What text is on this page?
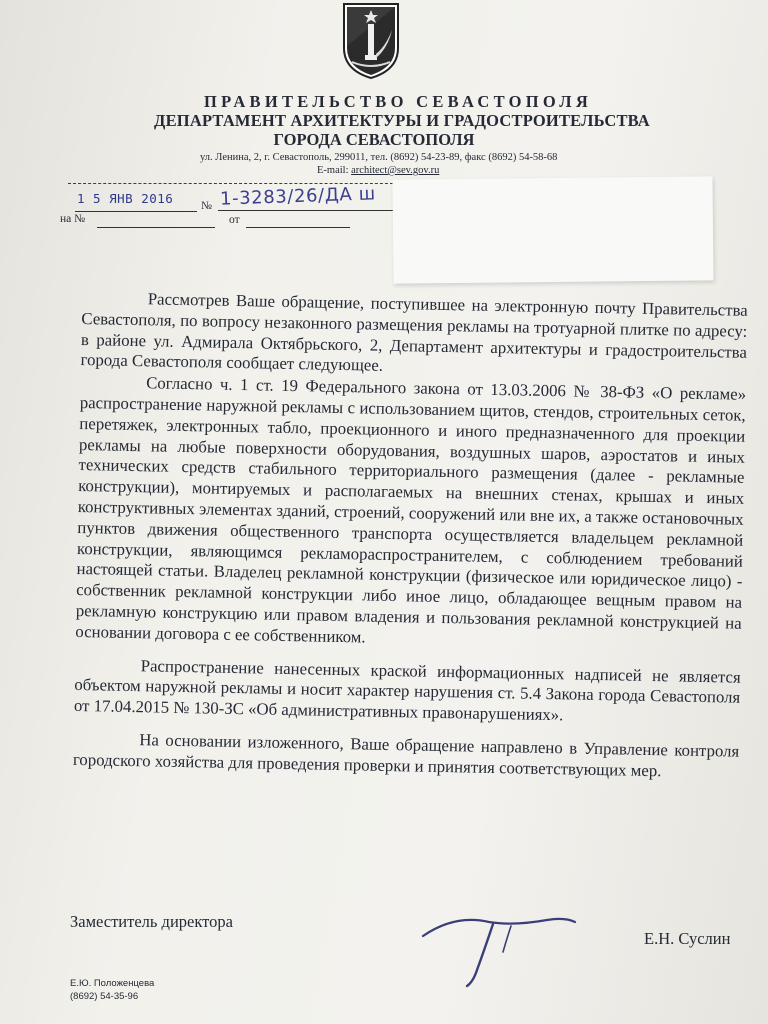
ПРАВИТЕЛЬСТВО СЕВАСТОПОЛЯ
ДЕПАРТАМЕНТ АРХИТЕКТУРЫ И ГРАДОСТРОИТЕЛЬСТВА
ГОРОДА СЕВАСТОПОЛЯ
ул. Ленина, 2, г. Севастополь, 299011, тел. (8692) 54-23-89, факс (8692) 54-58-68
E-mail: architect@sev.gov.ru
1 5 ЯНВ 2016 № 1-3283/26/ДА ш
на №	от

Рассмотрев Ваше обращение, поступившее на электронную почту Правительства Севастополя, по вопросу незаконного размещения рекламы на тротуарной плитке по адресу: в районе ул. Адмирала Октябрьского, 2, Департамент архитектуры и градостроительства города Севастополя сообщает следующее.

Согласно ч. 1 ст. 19 Федерального закона от 13.03.2006 № 38-ФЗ «О рекламе» распространение наружной рекламы с использованием щитов, стендов, строительных сеток, перетяжек, электронных табло, проекционного и иного предназначенного для проекции рекламы на любые поверхности оборудования, воздушных шаров, аэростатов и иных технических средств стабильного территориального размещения (далее - рекламные конструкции), монтируемых и располагаемых на внешних стенах, крышах и иных конструктивных элементах зданий, строений, сооружений или вне их, а также остановочных пунктов движения общественного транспорта осуществляется владельцем рекламной конструкции, являющимся рекламораспространителем, с соблюдением требований настоящей статьи. Владелец рекламной конструкции (физическое или юридическое лицо) - собственник рекламной конструкции либо иное лицо, обладающее вещным правом на рекламную конструкцию или правом владения и пользования рекламной конструкцией на основании договора с ее собственником.

Распространение нанесенных краской информационных надписей не является объектом наружной рекламы и носит характер нарушения ст. 5.4 Закона города Севастополя от 17.04.2015 № 130-ЗС «Об административных правонарушениях».

На основании изложенного, Ваше обращение направлено в Управление контроля городского хозяйства для проведения проверки и принятия соответствующих мер.

Заместитель директора
Е.Н. Суслин
Е.Ю. Положенцева
(8692) 54-35-96
